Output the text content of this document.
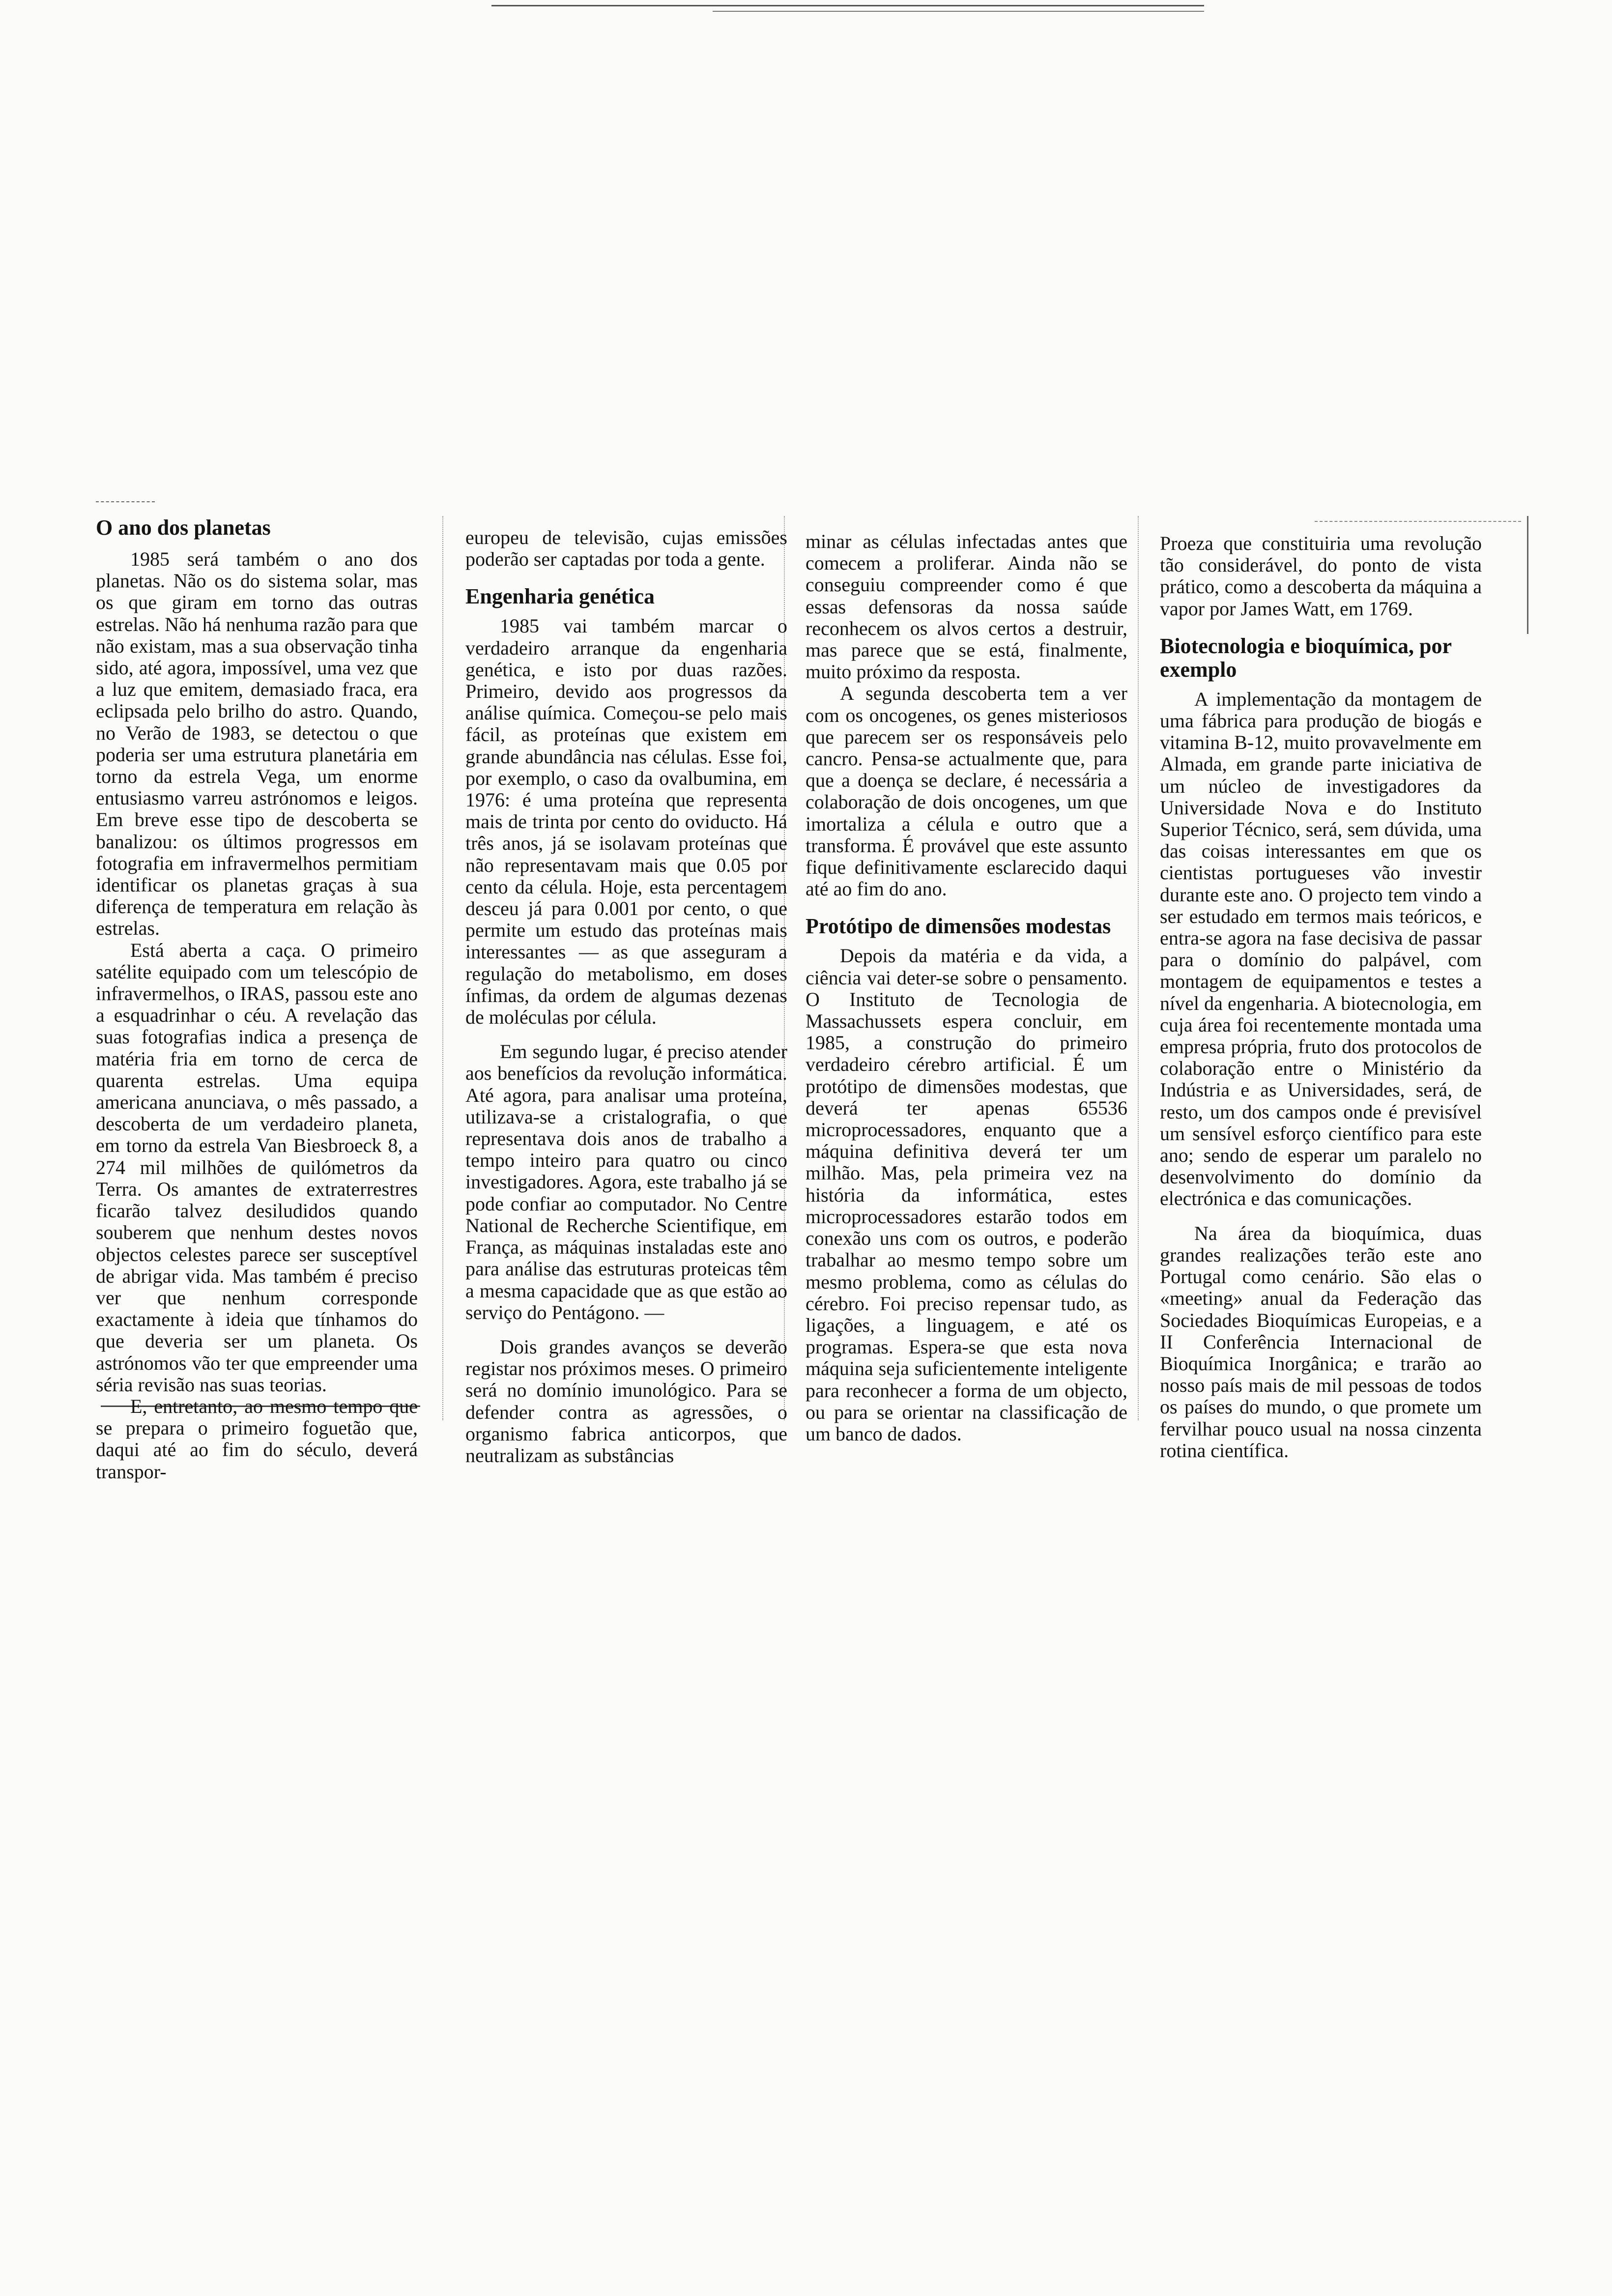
O ano dos planetas

1985 será também o ano dos planetas. Não os do sistema solar, mas os que giram em torno das outras estrelas. Não há nenhuma razão para que não existam, mas a sua observação tinha sido, até agora, impossível, uma vez que a luz que emitem, demasiado fraca, era eclipsada pelo brilho do astro. Quando, no Verão de 1983, se detectou o que poderia ser uma estrutura planetária em torno da estrela Vega, um enorme entusiasmo varreu astrónomos e leigos. Em breve esse tipo de descoberta se banalizou: os últimos progressos em fotografia em infravermelhos permitiam identificar os planetas graças à sua diferença de temperatura em relação às estrelas.

Está aberta a caça. O primeiro satélite equipado com um telescópio de infravermelhos, o IRAS, passou este ano a esquadrinhar o céu. A revelação das suas fotografias indica a presença de matéria fria em torno de cerca de quarenta estrelas. Uma equipa americana anunciava, o mês passado, a descoberta de um verdadeiro planeta, em torno da estrela Van Biesbroeck 8, a 274 mil milhões de quilómetros da Terra. Os amantes de extraterrestres ficarão talvez desiludidos quando souberem que nenhum destes novos objectos celestes parece ser susceptível de abrigar vida. Mas também é preciso ver que nenhum corresponde exactamente à ideia que tínhamos do que deveria ser um planeta. Os astrónomos vão ter que empreender uma séria revisão nas suas teorias.

E, entretanto, ao mesmo tempo que se prepara o primeiro foguetão que, daqui até ao fim do século, deverá transpor-

europeu de televisão, cujas emissões poderão ser captadas por toda a gente.

Engenharia genética

1985 vai também marcar o verdadeiro arranque da engenharia genética, e isto por duas razões. Primeiro, devido aos progressos da análise química. Começou-se pelo mais fácil, as proteínas que existem em grande abundância nas células. Esse foi, por exemplo, o caso da ovalbumina, em 1976: é uma proteína que representa mais de trinta por cento do oviducto. Há três anos, já se isolavam proteínas que não representavam mais que 0.05 por cento da célula. Hoje, esta percentagem desceu já para 0.001 por cento, o que permite um estudo das proteínas mais interessantes — as que asseguram a regulação do metabolismo, em doses ínfimas, da ordem de algumas dezenas de moléculas por célula.

Em segundo lugar, é preciso atender aos benefícios da revolução informática. Até agora, para analisar uma proteína, utilizava-se a cristalografia, o que representava dois anos de trabalho a tempo inteiro para quatro ou cinco investigadores. Agora, este trabalho já se pode confiar ao computador. No Centre National de Recherche Scientifique, em França, as máquinas instaladas este ano para análise das estruturas proteicas têm a mesma capacidade que as que estão ao serviço do Pentágono. —

Dois grandes avanços se deverão registar nos próximos meses. O primeiro será no domínio imunológico. Para se defender contra as agressões, o organismo fabrica anticorpos, que neutralizam as substâncias

minar as células infectadas antes que comecem a proliferar. Ainda não se conseguiu compreender como é que essas defensoras da nossa saúde reconhecem os alvos certos a destruir, mas parece que se está, finalmente, muito próximo da resposta.

A segunda descoberta tem a ver com os oncogenes, os genes misteriosos que parecem ser os responsáveis pelo cancro. Pensa-se actualmente que, para que a doença se declare, é necessária a colaboração de dois oncogenes, um que imortaliza a célula e outro que a transforma. É provável que este assunto fique definitivamente esclarecido daqui até ao fim do ano.

Protótipo de dimensões modestas

Depois da matéria e da vida, a ciência vai deter-se sobre o pensamento. O Instituto de Tecnologia de Massachussets espera concluir, em 1985, a construção do primeiro verdadeiro cérebro artificial. É um protótipo de dimensões modestas, que deverá ter apenas 65536 microprocessadores, enquanto que a máquina definitiva deverá ter um milhão. Mas, pela primeira vez na história da informática, estes microprocessadores estarão todos em conexão uns com os outros, e poderão trabalhar ao mesmo tempo sobre um mesmo problema, como as células do cérebro. Foi preciso repensar tudo, as ligações, a linguagem, e até os programas. Espera-se que esta nova máquina seja suficientemente inteligente para reconhecer a forma de um objecto, ou para se orientar na classificação de um banco de dados.

Proeza que constituiria uma revolução tão considerável, do ponto de vista prático, como a descoberta da máquina a vapor por James Watt, em 1769.

Biotecnologia e bioquímica, por exemplo

A implementação da montagem de uma fábrica para produção de biogás e vitamina B-12, muito provavelmente em Almada, em grande parte iniciativa de um núcleo de investigadores da Universidade Nova e do Instituto Superior Técnico, será, sem dúvida, uma das coisas interessantes em que os cientistas portugueses vão investir durante este ano. O projecto tem vindo a ser estudado em termos mais teóricos, e entra-se agora na fase decisiva de passar para o domínio do palpável, com montagem de equipamentos e testes a nível da engenharia. A biotecnologia, em cuja área foi recentemente montada uma empresa própria, fruto dos protocolos de colaboração entre o Ministério da Indústria e as Universidades, será, de resto, um dos campos onde é previsível um sensível esforço científico para este ano; sendo de esperar um paralelo no desenvolvimento do domínio da electrónica e das comunicações.

Na área da bioquímica, duas grandes realizações terão este ano Portugal como cenário. São elas o «meeting» anual da Federação das Sociedades Bioquímicas Europeias, e a II Conferência Internacional de Bioquímica Inorgânica; e trarão ao nosso país mais de mil pessoas de todos os países do mundo, o que promete um fervilhar pouco usual na nossa cinzenta rotina científica.
